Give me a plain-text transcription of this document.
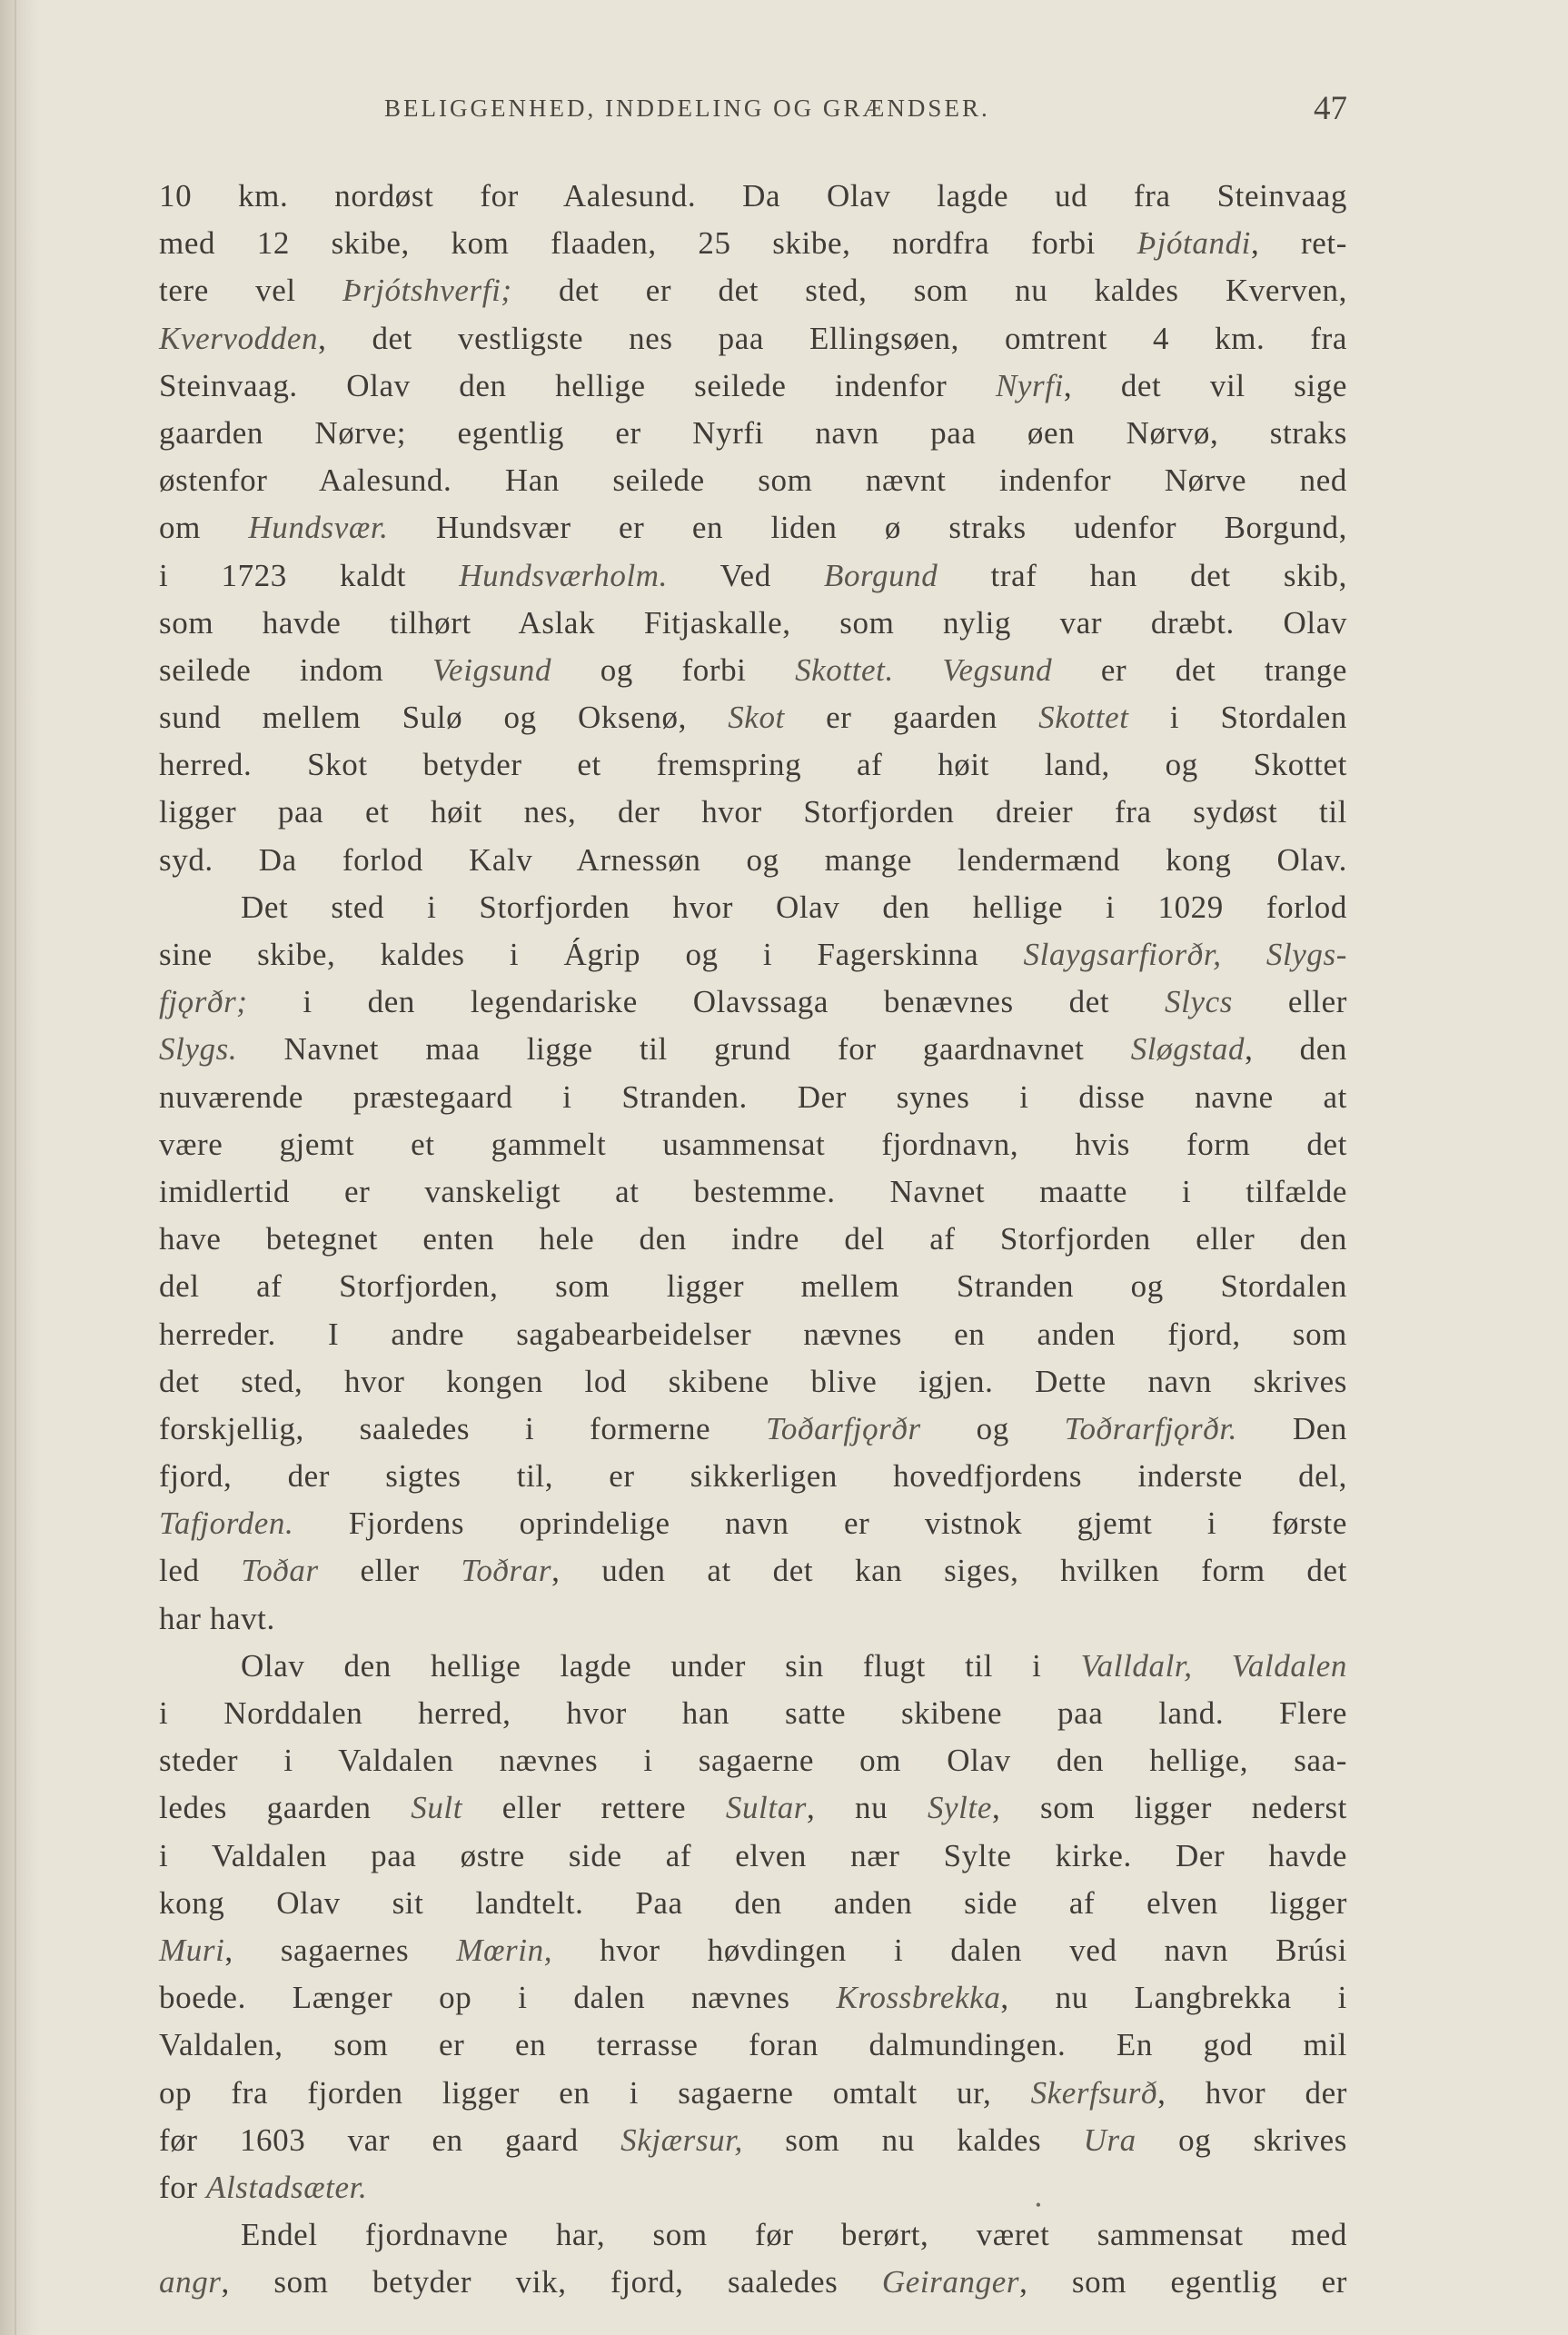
BELIGGENHED, INDDELING OG GRÆNDSER.	47
10 km. nordøst for Aalesund. Da Olav lagde ud fra Steinvaag
med 12 skibe, kom flaaden, 25 skibe, nordfra forbi Þjótandi, ret-
tere vel Þrjótshverfi; det er det sted, som nu kaldes Kverven,
Kvervodden, det vestligste nes paa Ellingsøen, omtrent 4 km. fra
Steinvaag. Olav den hellige seilede indenfor Nyrfi, det vil sige
gaarden Nørve; egentlig er Nyrfi navn paa øen Nørvø, straks
østenfor Aalesund. Han seilede som nævnt indenfor Nørve ned
om Hundsvær. Hundsvær er en liden ø straks udenfor Borgund,
i 1723 kaldt Hundsværholm. Ved Borgund traf han det skib,
som havde tilhørt Aslak Fitjaskalle, som nylig var dræbt. Olav
seilede indom Veigsund og forbi Skottet. Vegsund er det trange
sund mellem Sulø og Oksenø, Skot er gaarden Skottet i Stordalen
herred. Skot betyder et fremspring af høit land, og Skottet
ligger paa et høit nes, der hvor Storfjorden dreier fra sydøst til
syd. Da forlod Kalv Arnessøn og mange lendermænd kong Olav.
Det sted i Storfjorden hvor Olav den hellige i 1029 forlod
sine skibe, kaldes i Ágrip og i Fagerskinna Slaygsarfiorðr, Slygs-
fjǫrðr; i den legendariske Olavssaga benævnes det Slycs eller
Slygs. Navnet maa ligge til grund for gaardnavnet Sløgstad, den
nuværende præstegaard i Stranden. Der synes i disse navne at
være gjemt et gammelt usammensat fjordnavn, hvis form det
imidlertid er vanskeligt at bestemme. Navnet maatte i tilfælde
have betegnet enten hele den indre del af Storfjorden eller den
del af Storfjorden, som ligger mellem Stranden og Stordalen
herreder. I andre sagabearbeidelser nævnes en anden fjord, som
det sted, hvor kongen lod skibene blive igjen. Dette navn skrives
forskjellig, saaledes i formerne Toðarfjǫrðr og Toðrarfjǫrðr. Den
fjord, der sigtes til, er sikkerligen hovedfjordens inderste del,
Tafjorden. Fjordens oprindelige navn er vistnok gjemt i første
led Toðar eller Toðrar, uden at det kan siges, hvilken form det
har havt.
Olav den hellige lagde under sin flugt til i Valldalr, Valdalen
i Norddalen herred, hvor han satte skibene paa land. Flere
steder i Valdalen nævnes i sagaerne om Olav den hellige, saa-
ledes gaarden Sult eller rettere Sultar, nu Sylte, som ligger nederst
i Valdalen paa østre side af elven nær Sylte kirke. Der havde
kong Olav sit landtelt. Paa den anden side af elven ligger
Muri, sagaernes Mœrin, hvor høvdingen i dalen ved navn Brúsi
boede. Længer op i dalen nævnes Krossbrekka, nu Langbrekka i
Valdalen, som er en terrasse foran dalmundingen. En god mil
op fra fjorden ligger en i sagaerne omtalt ur, Skerfsurð, hvor der
før 1603 var en gaard Skjærsur, som nu kaldes Ura og skrives
for Alstadsæter.
Endel fjordnavne har, som før berørt, været sammensat med
angr, som betyder vik, fjord, saaledes Geiranger, som egentlig er
•
